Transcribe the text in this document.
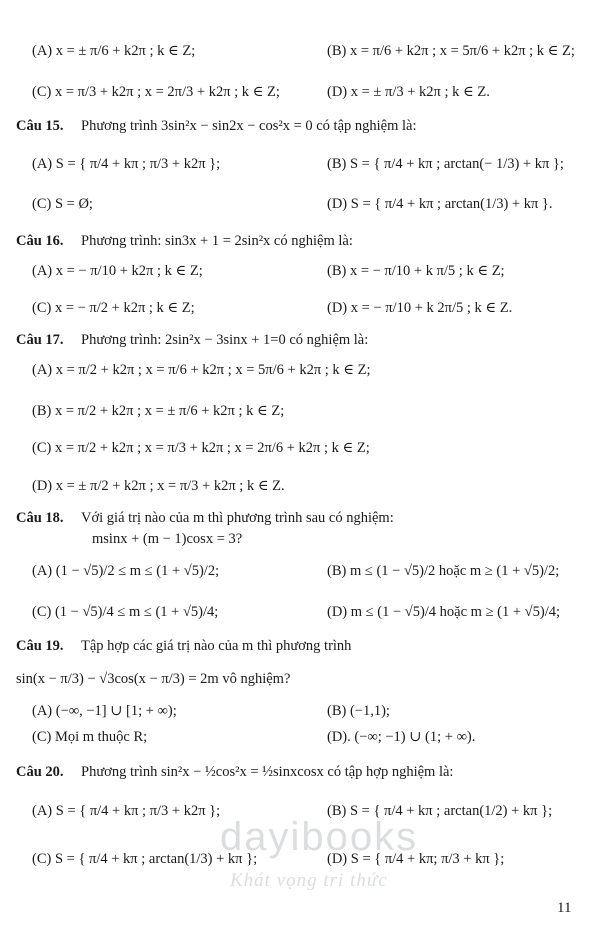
(A) x = ± π/6 + k2π ; k ∈ Z;	(B) x = π/6 + k2π ; x = 5π/6 + k2π ; k ∈ Z;
(C) x = π/3 + k2π ; x = 2π/3 + k2π ; k ∈ Z;	(D) x = ± π/3 + k2π ; k ∈ Z.
Câu 15. Phương trình 3sin²x − sin2x − cos²x = 0 có tập nghiệm là:
(A) S = { π/4 + kπ ; π/3 + k2π };	(B) S = { π/4 + kπ ; arctan(− 1/3) + kπ };
(C) S = Ø;	(D) S = { π/4 + kπ ; arctan(1/3) + kπ }.
Câu 16. Phương trình: sin3x + 1 = 2sin²x có nghiệm là:
(A) x = − π/10 + k2π ; k ∈ Z;	(B) x = − π/10 + k π/5 ; k ∈ Z;
(C) x = − π/2 + k2π ; k ∈ Z;	(D) x = − π/10 + k 2π/5 ; k ∈ Z.
Câu 17. Phương trình: 2sin²x − 3sinx + 1=0 có nghiệm là:
(A) x = π/2 + k2π ; x = π/6 + k2π ; x = 5π/6 + k2π ; k ∈ Z;
(B) x = π/2 + k2π ; x = ± π/6 + k2π ; k ∈ Z;
(C) x = π/2 + k2π ; x = π/3 + k2π ; x = 2π/6 + k2π ; k ∈ Z;
(D) x = ± π/2 + k2π ; x = π/3 + k2π ; k ∈ Z.
Câu 18. Với giá trị nào của m thì phương trình sau có nghiệm:
msinx + (m − 1)cosx = 3?
(A) (1 − √5)/2 ≤ m ≤ (1 + √5)/2;	(B) m ≤ (1 − √5)/2 hoặc m ≥ (1 + √5)/2;
(C) (1 − √5)/4 ≤ m ≤ (1 + √5)/4;	(D) m ≤ (1 − √5)/4 hoặc m ≥ (1 + √5)/4;
Câu 19. Tập hợp các giá trị nào của m thì phương trình
sin(x − π/3) − √3cos(x − π/3) = 2m vô nghiệm?
(A) (−∞, −1] ∪ [1; + ∞);	(B) (−1,1);
(C) Mọi m thuộc R;	(D). (−∞; −1) ∪ (1; + ∞).
Câu 20. Phương trình sin²x − ½cos²x = ½sinxcosx có tập hợp nghiệm là:
(A) S = { π/4 + kπ ; π/3 + k2π };	(B) S = { π/4 + kπ ; arctan(1/2) + kπ };
(C) S = { π/4 + kπ ; arctan(1/3) + kπ };	(D) S = { π/4 + kπ; π/3 + kπ };
dayibooks
Khát vọng tri thức
11
